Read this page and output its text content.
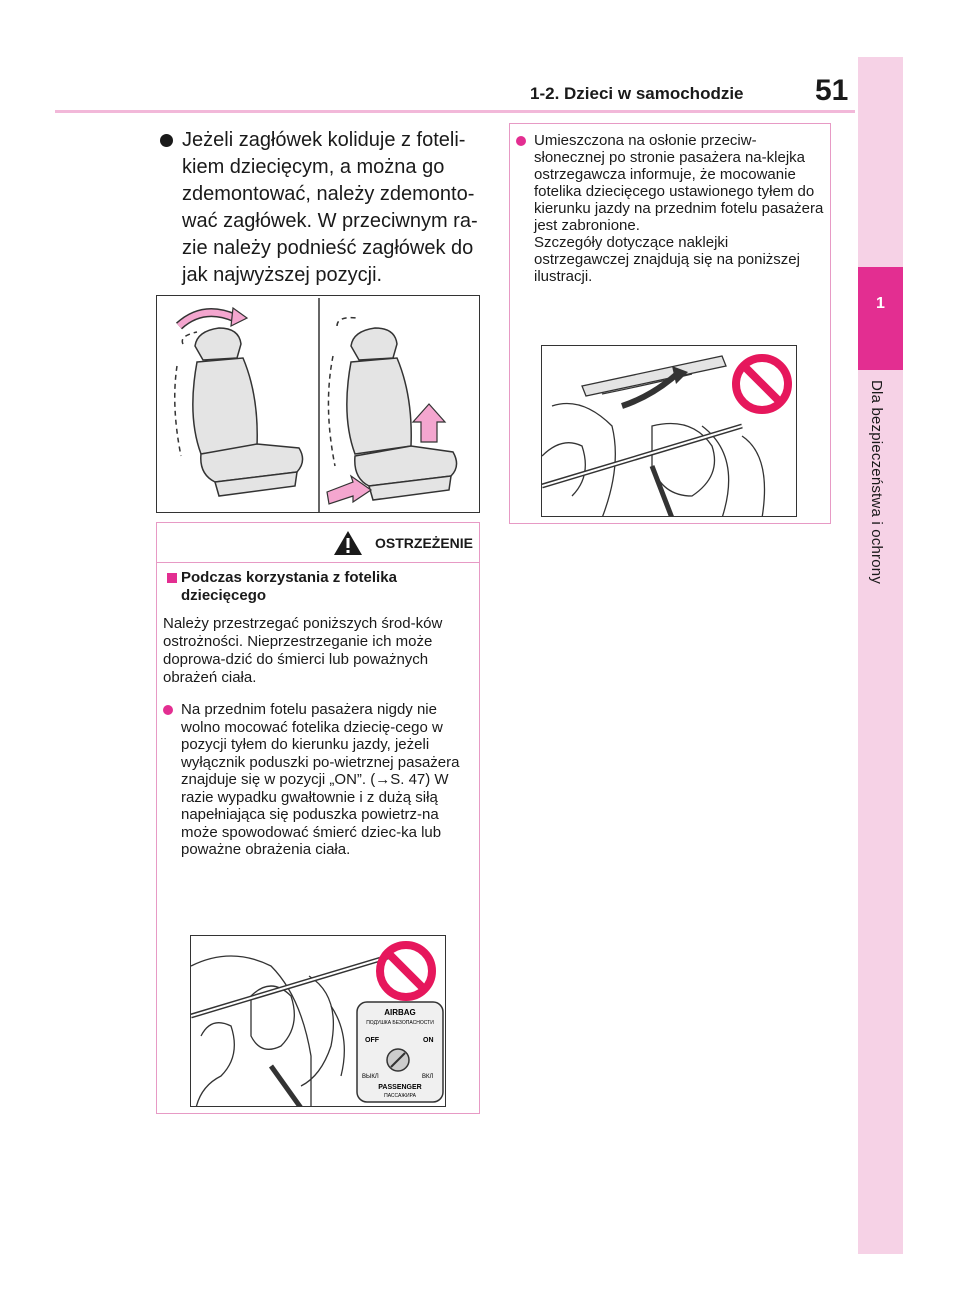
1-2. Dzieci w samochodzie 51
1
Dla bezpieczeństwa i ochrony
Jeżeli zagłówek koliduje z foteli-kiem dziecięcym, a można go zdemontować, należy zdemonto-wać zagłówek. W przeciwnym ra-zie należy podnieść zagłówek do jak najwyższej pozycji.
OSTRZEŻENIE
Podczas korzystania z fotelika dziecięcego
Należy przestrzegać poniższych środ-ków ostrożności. Nieprzestrzeganie ich może doprowa-dzić do śmierci lub poważnych obrażeń ciała.
Na przednim fotelu pasażera nigdy nie wolno mocować fotelika dziecię-cego w pozycji tyłem do kierunku jazdy, jeżeli wyłącznik poduszki po-wietrznej pasażera znajduje się w pozycji „ON”. (→S. 47) W razie wypadku gwałtownie i z dużą siłą napełniająca się poduszka powietrz-na może spowodować śmierć dziec-ka lub poważne obrażenia ciała.
AIRBAG
ПОДУШКА БЕЗОПАСНОСТИ
OFF	ON
ВЫКЛ	ВКЛ
PASSENGER
ПАССАЖИРА
Umieszczona na osłonie przeciw-słonecznej po stronie pasażera na-klejka ostrzegawcza informuje, że mocowanie fotelika dziecięcego ustawionego tyłem do kierunku jazdy na przednim fotelu pasażera jest zabronione.
Szczegóły dotyczące naklejki ostrzegawczej znajdują się na poniższej ilustracji.
